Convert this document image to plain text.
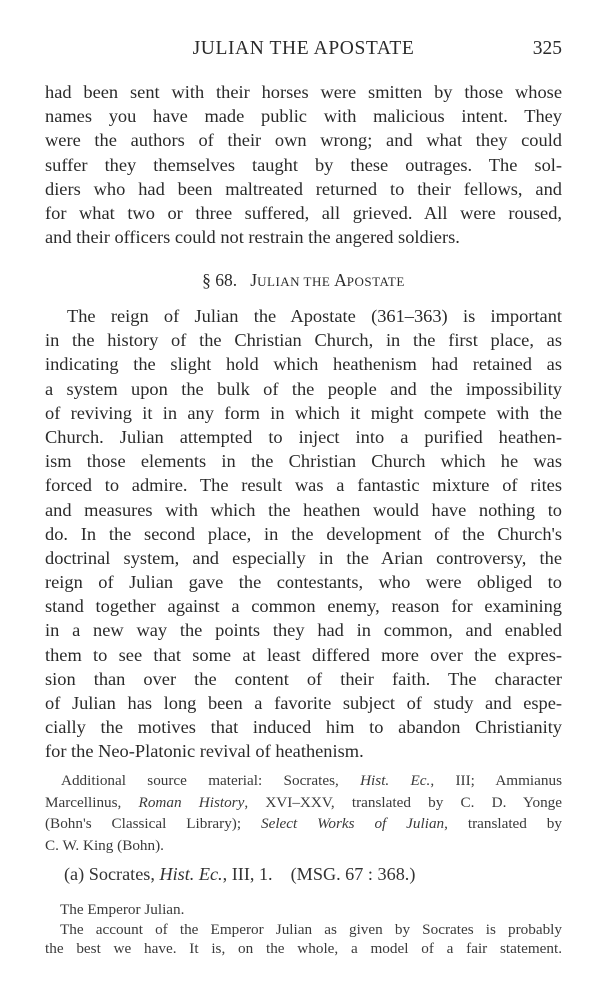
JULIAN THE APOSTATE	325
had been sent with their horses were smitten by those whose
names you have made public with malicious intent. They
were the authors of their own wrong; and what they could
suffer they themselves taught by these outrages. The sol-
diers who had been maltreated returned to their fellows, and
for what two or three suffered, all grieved. All were roused,
and their officers could not restrain the angered soldiers.
§ 68. JULIAN THE APOSTATE
The reign of Julian the Apostate (361–363) is important
in the history of the Christian Church, in the first place, as
indicating the slight hold which heathenism had retained as
a system upon the bulk of the people and the impossibility
of reviving it in any form in which it might compete with the
Church. Julian attempted to inject into a purified heathen-
ism those elements in the Christian Church which he was
forced to admire. The result was a fantastic mixture of rites
and measures with which the heathen would have nothing to
do. In the second place, in the development of the Church's
doctrinal system, and especially in the Arian controversy, the
reign of Julian gave the contestants, who were obliged to
stand together against a common enemy, reason for examining
in a new way the points they had in common, and enabled
them to see that some at least differed more over the expres-
sion than over the content of their faith. The character
of Julian has long been a favorite subject of study and espe-
cially the motives that induced him to abandon Christianity
for the Neo-Platonic revival of heathenism.
Additional source material: Socrates, Hist. Ec., III; Ammianus
Marcellinus, Roman History, XVI–XXV, translated by C. D. Yonge
(Bohn's Classical Library); Select Works of Julian, translated by
C. W. King (Bohn).
(a) Socrates, Hist. Ec., III, 1. (MSG. 67 : 368.)
The Emperor Julian.
The account of the Emperor Julian as given by Socrates is probably
the best we have. It is, on the whole, a model of a fair statement.
